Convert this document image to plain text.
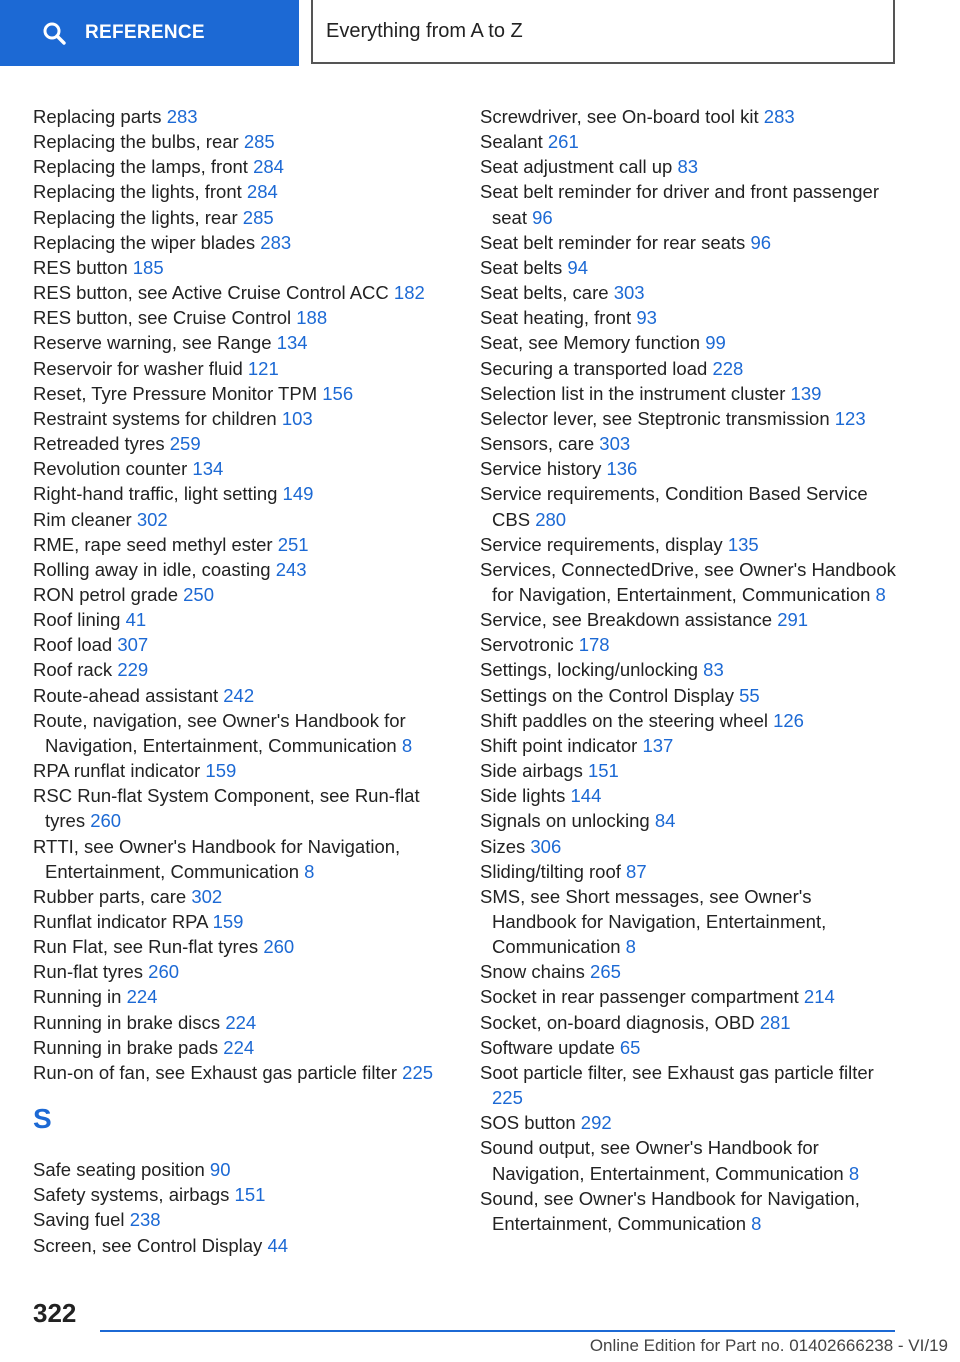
REFERENCE	Everything from A to Z
Replacing parts 283
Replacing the bulbs, rear 285
Replacing the lamps, front 284
Replacing the lights, front 284
Replacing the lights, rear 285
Replacing the wiper blades 283
RES button 185
RES button, see Active Cruise Control ACC 182
RES button, see Cruise Control 188
Reserve warning, see Range 134
Reservoir for washer fluid 121
Reset, Tyre Pressure Monitor TPM 156
Restraint systems for children 103
Retreaded tyres 259
Revolution counter 134
Right-hand traffic, light setting 149
Rim cleaner 302
RME, rape seed methyl ester 251
Rolling away in idle, coasting 243
RON petrol grade 250
Roof lining 41
Roof load 307
Roof rack 229
Route-ahead assistant 242
Route, navigation, see Owner's Handbook for Navigation, Entertainment, Communication 8
RPA runflat indicator 159
RSC Run-flat System Component, see Run-flat tyres 260
RTTI, see Owner's Handbook for Navigation, Entertainment, Communication 8
Rubber parts, care 302
Runflat indicator RPA 159
Run Flat, see Run-flat tyres 260
Run-flat tyres 260
Running in 224
Running in brake discs 224
Running in brake pads 224
Run-on of fan, see Exhaust gas particle filter 225
S
Safe seating position 90
Safety systems, airbags 151
Saving fuel 238
Screen, see Control Display 44
Screwdriver, see On-board tool kit 283
Sealant 261
Seat adjustment call up 83
Seat belt reminder for driver and front passenger seat 96
Seat belt reminder for rear seats 96
Seat belts 94
Seat belts, care 303
Seat heating, front 93
Seat, see Memory function 99
Securing a transported load 228
Selection list in the instrument cluster 139
Selector lever, see Steptronic transmission 123
Sensors, care 303
Service history 136
Service requirements, Condition Based Service CBS 280
Service requirements, display 135
Services, ConnectedDrive, see Owner's Handbook for Navigation, Entertainment, Communication 8
Service, see Breakdown assistance 291
Servotronic 178
Settings, locking/unlocking 83
Settings on the Control Display 55
Shift paddles on the steering wheel 126
Shift point indicator 137
Side airbags 151
Side lights 144
Signals on unlocking 84
Sizes 306
Sliding/tilting roof 87
SMS, see Short messages, see Owner's Handbook for Navigation, Entertainment, Communication 8
Snow chains 265
Socket in rear passenger compartment 214
Socket, on-board diagnosis, OBD 281
Software update 65
Soot particle filter, see Exhaust gas particle filter 225
SOS button 292
Sound output, see Owner's Handbook for Navigation, Entertainment, Communication 8
Sound, see Owner's Handbook for Navigation, Entertainment, Communication 8
322
Online Edition for Part no. 01402666238 - VI/19
